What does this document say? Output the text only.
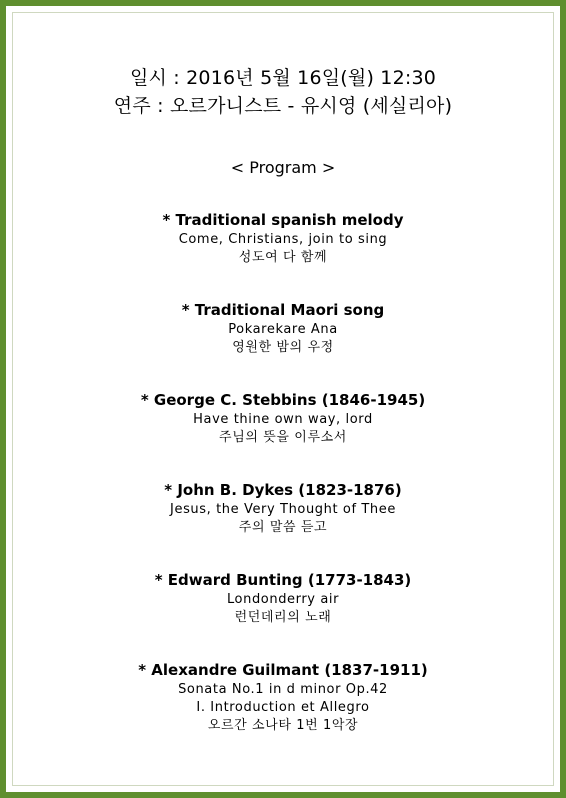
일시 : 2016년 5월 16일(월) 12:30
연주 : 오르가니스트 - 유시영 (세실리아)
< Program >
* Traditional spanish melody
Come, Christians, join to sing
성도여 다 함께
* Traditional Maori song
Pokarekare Ana
영원한 밤의 우정
* George C. Stebbins (1846-1945)
Have thine own way, lord
주님의 뜻을 이루소서
* John B. Dykes (1823-1876)
Jesus, the Very Thought of Thee
주의 말씀 듣고
* Edward Bunting (1773-1843)
Londonderry air
런던데리의 노래
* Alexandre Guilmant (1837-1911)
Sonata No.1 in d minor Op.42
Ⅰ. Introduction et Allegro
오르간 소나타 1번 1악장
